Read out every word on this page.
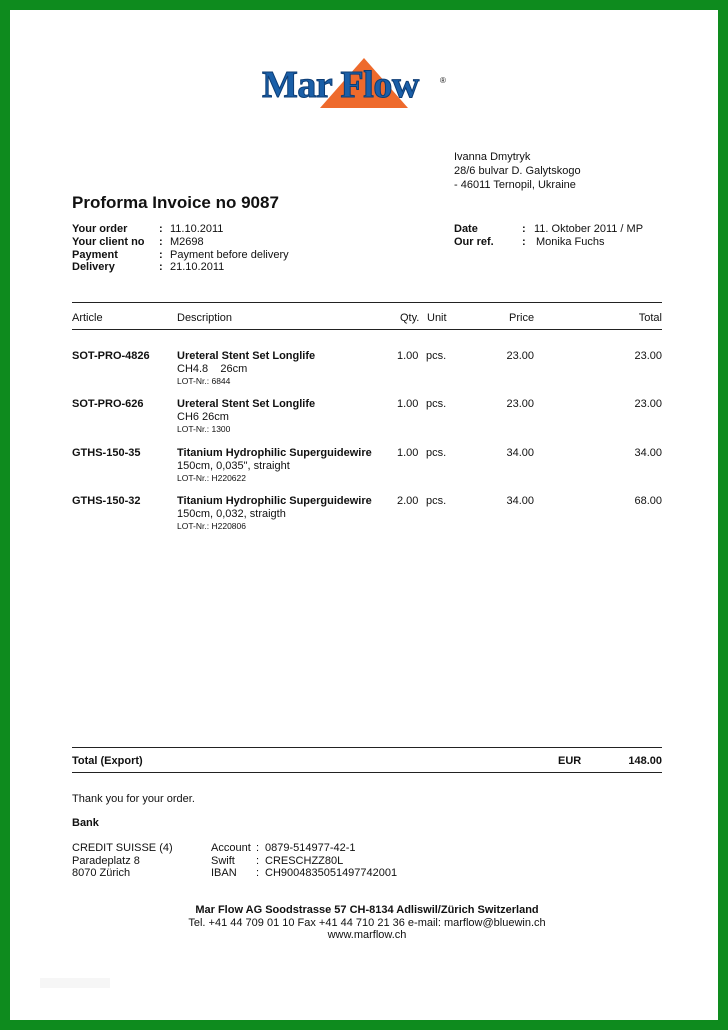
Mar Flow	®
Ivanna Dmytryk
28/6 bulvar D. Galytskogo
- 46011 Ternopil, Ukraine
Proforma Invoice no 9087
Your order	: 11.10.2011
Your client no : M2698
Payment	: Payment before delivery
Delivery	: 21.10.2011
Date	: 11. Oktober 2011 / MP
Our ref.	: Monika Fuchs
Article	Description	Qty. Unit	Price	Total
SOT-PRO-4826 Ureteral Stent Set Longlife
CH4.8    26cm
LOT-Nr.: 6844
1.00 pcs.	23.00	23.00
SOT-PRO-626	Ureteral Stent Set Longlife
CH6 26cm
LOT-Nr.: 1300
1.00 pcs.	23.00	23.00
GTHS-150-35	Titanium Hydrophilic Superguidewire
150cm, 0,035", straight
LOT-Nr.: H220622
1.00 pcs.	34.00	34.00
GTHS-150-32	Titanium Hydrophilic Superguidewire
150cm, 0,032, straigth
LOT-Nr.: H220806
2.00 pcs.	34.00	68.00
Total (Export)	EUR	148.00
Thank you for your order.
Bank
CREDIT SUISSE (4)
Paradeplatz 8
8070 Zürich
Account : 0879-514977-42-1
Swift : CRESCHZZ80L
IBAN : CH9004835051497742001
Mar Flow AG Soodstrasse 57 CH-8134 Adliswil/Zürich Switzerland
Tel. +41 44 709 01 10 Fax +41 44 710 21 36 e-mail: marflow@bluewin.ch
www.marflow.ch
